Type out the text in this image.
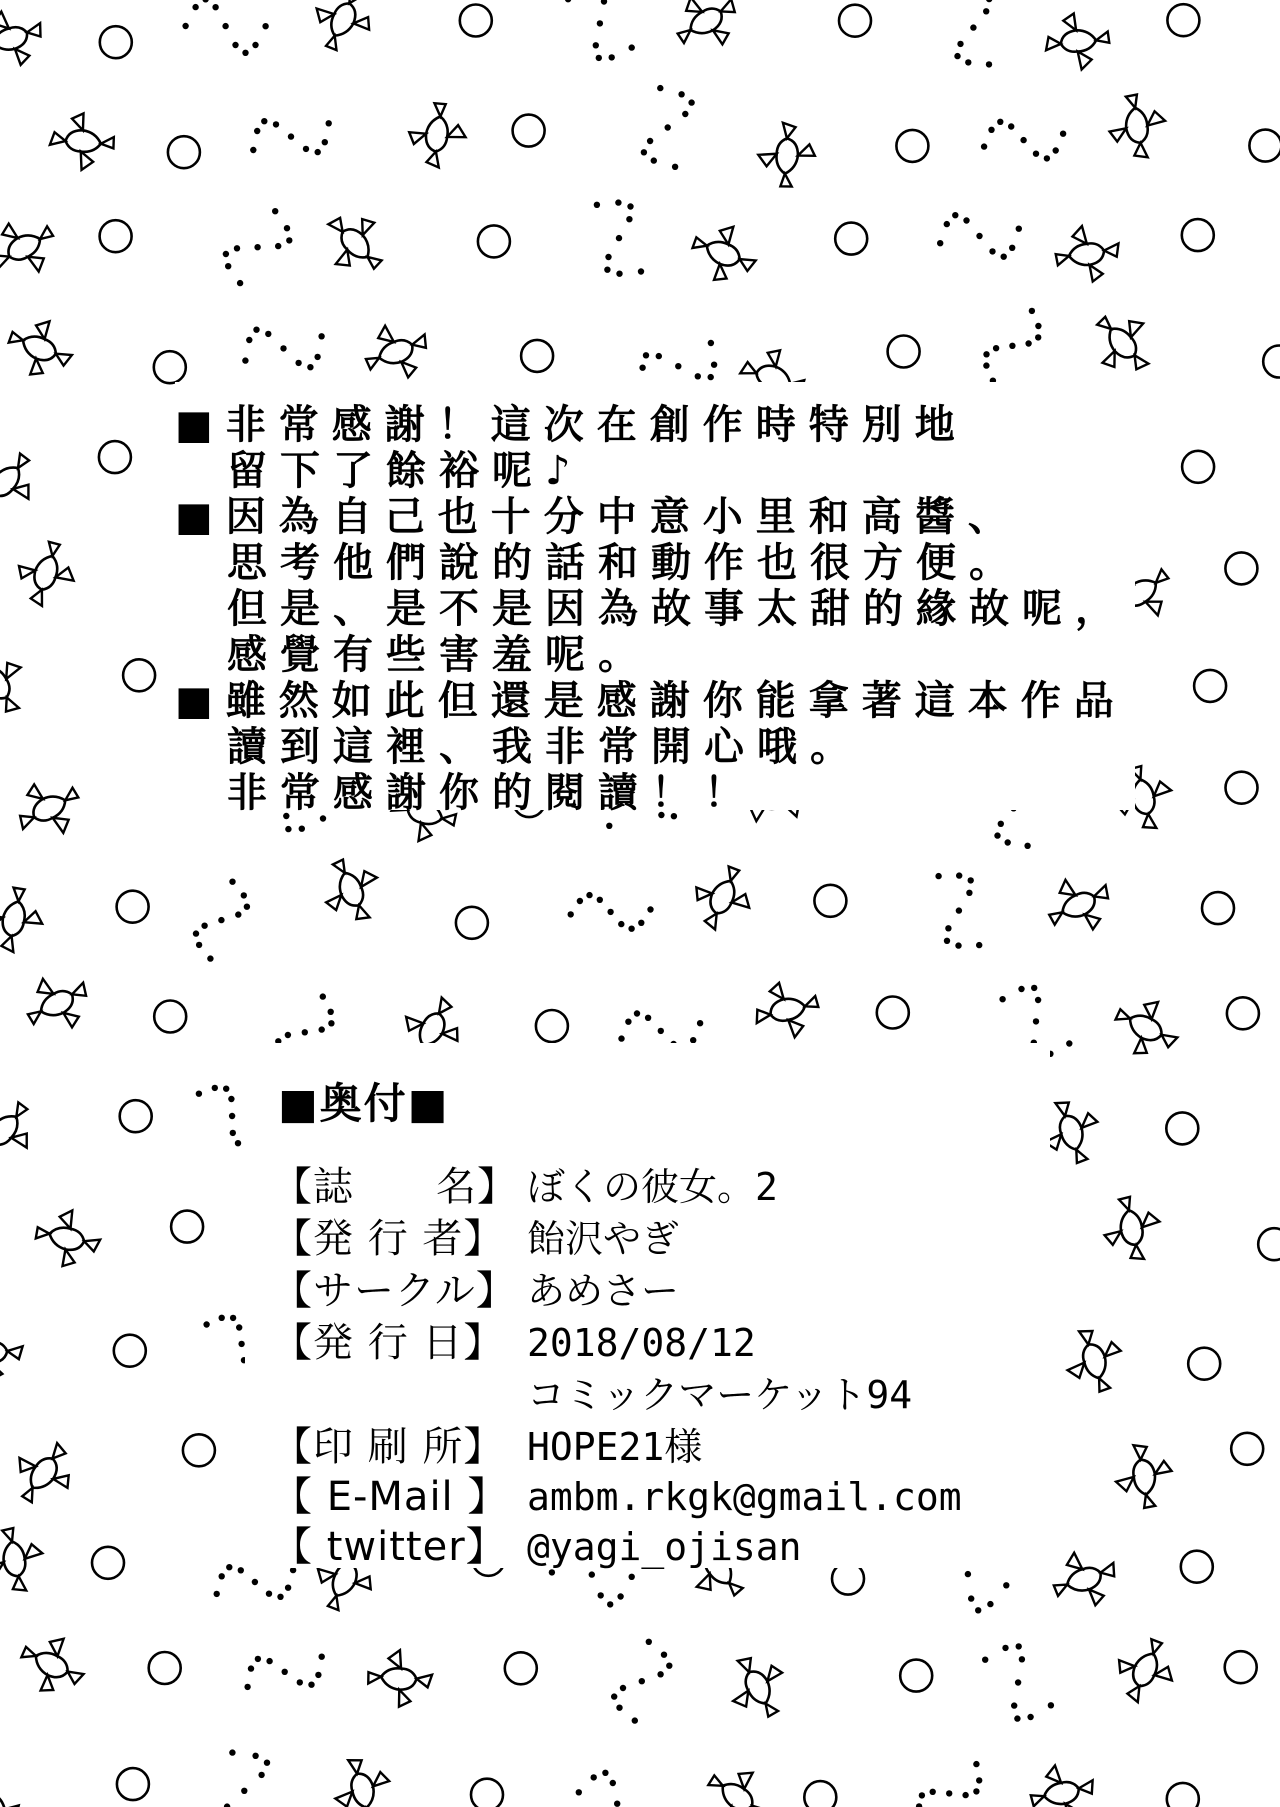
■非常感謝！這次在創作時特別地
留下了餘裕呢♪
■因為自己也十分中意小里和高醬、
思考他們說的話和動作也很方便。
但是、是不是因為故事太甜的緣故呢，
感覺有些害羞呢。
■雖然如此但還是感謝你能拿著這本作品
讀到這裡、我非常開心哦。
非常感謝你的閱讀！！
■奥付■
【誌　　名】 ぼくの彼女。2
【発 行 者】 飴沢やぎ
【サークル】 あめさー
【発 行 日】 2018/08/12
コミックマーケット94
【印 刷 所】 HOPE21様
【 E-Mail 】 ambm.rkgk@gmail.com
【 twitter】 @yagi_ojisan
